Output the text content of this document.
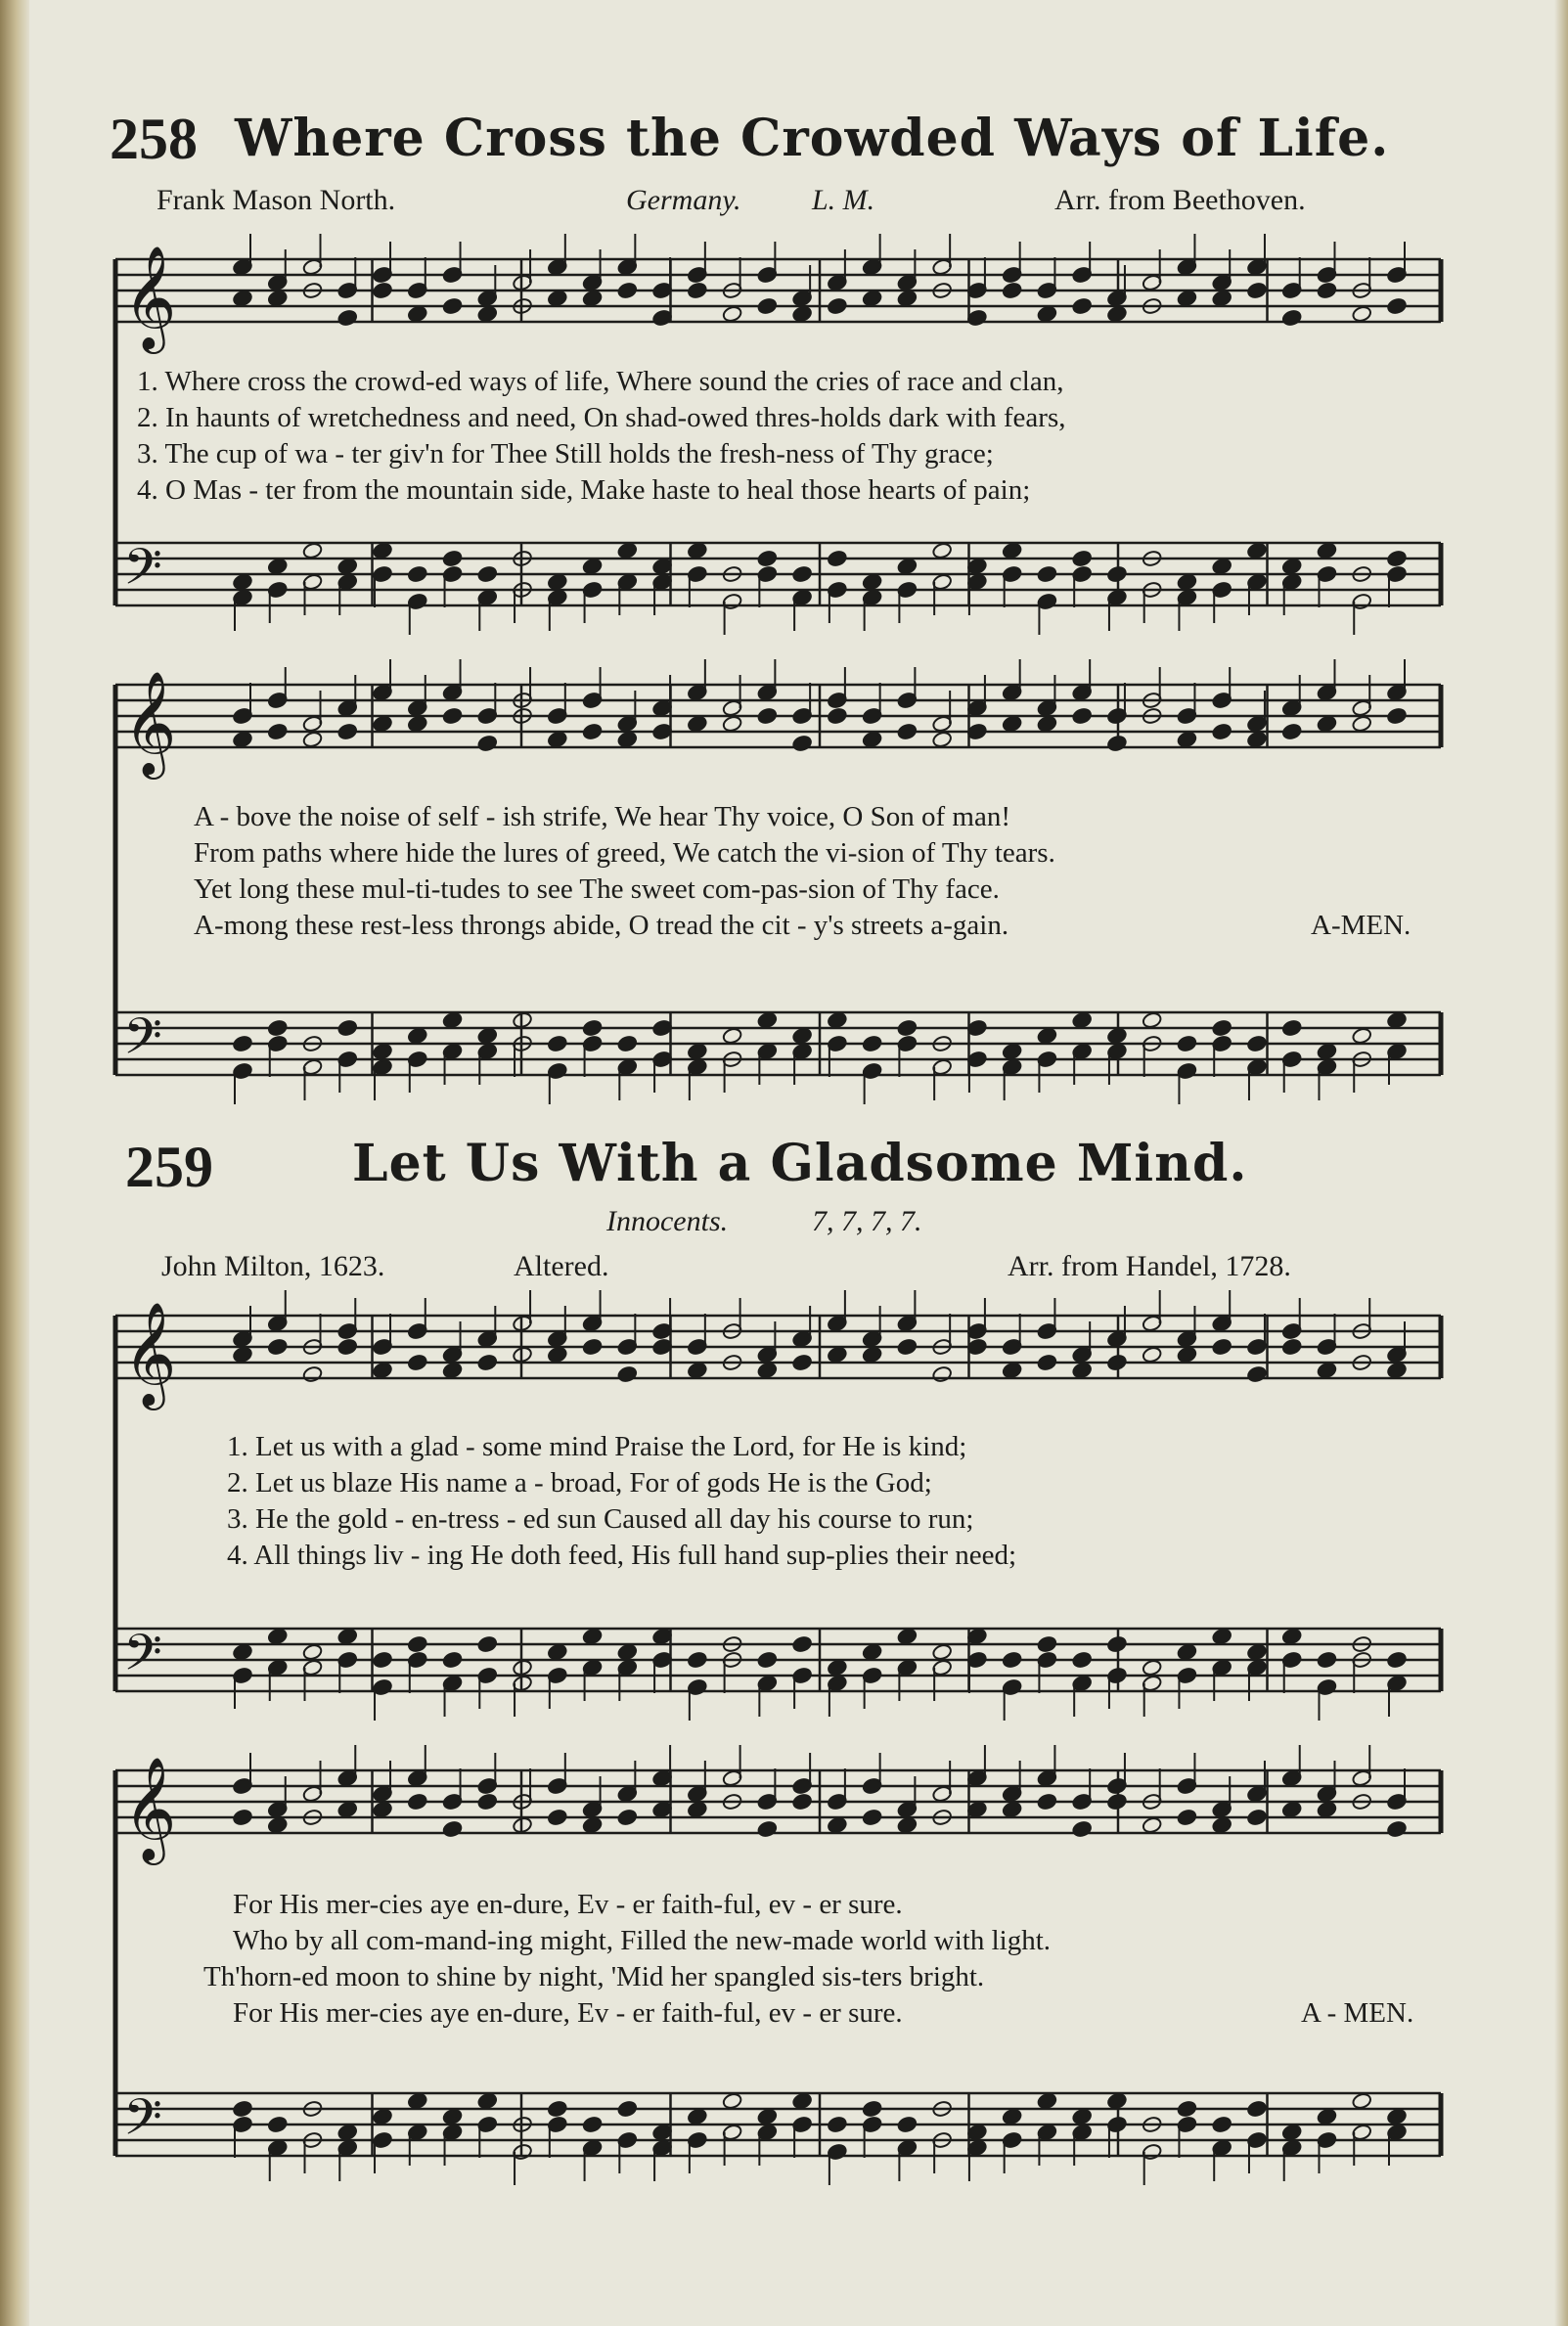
258 Where Cross the Crowded Ways of Life.
Frank Mason North.	Germany. L. M.	Arr. from Beethoven.
𝄞
𝄢
1. Where cross the crowd-ed ways of life, Where sound the cries of race and clan,
2. In haunts of wretchedness and need, On shad-owed thres-holds dark with fears,
3. The cup of wa - ter giv'n for Thee Still holds the fresh-ness of Thy grace;
4. O Mas - ter from the mountain side, Make haste to heal those hearts of pain;
𝄞
A - bove the noise of self - ish strife, We hear Thy voice, O Son of man!
From paths where hide the lures of greed, We catch the vi-sion of Thy tears.
Yet long these mul-ti-tudes to see The sweet com-pas-sion of Thy face.
A-mong these rest-less throngs abide, O tread the cit - y's streets a-gain.	A-MEN.
𝄢
259	Let Us With a Gladsome Mind.
Innocents.	7, 7, 7, 7.
John Milton, 1623.	Altered.	Arr. from Handel, 1728.
𝄞
1. Let us with a glad - some mind Praise the Lord, for He is kind;
2. Let us blaze His name a - broad, For of gods He is the God;
3. He the gold - en-tress - ed sun Caused all day his course to run;
4. All things liv - ing He doth feed, His full hand sup-plies their need;
𝄢
𝄞
For His mer-cies aye en-dure, Ev - er faith-ful, ev - er sure.
Who by all com-mand-ing might, Filled the new-made world with light.
Th'horn-ed moon to shine by night, 'Mid her spangled sis-ters bright.
For His mer-cies aye en-dure, Ev - er faith-ful, ev - er sure.	A - MEN.
𝄢
